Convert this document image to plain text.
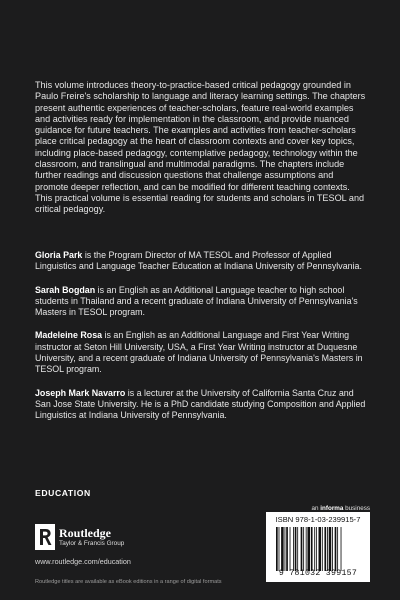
This volume introduces theory-to-practice-based critical pedagogy grounded in Paulo Freire's scholarship to language and literacy learning settings. The chapters present authentic experiences of teacher-scholars, feature real-world examples and activities ready for implementation in the classroom, and provide nuanced guidance for future teachers. The examples and activities from teacher-scholars place critical pedagogy at the heart of classroom contexts and cover key topics, including place-based pedagogy, contemplative pedagogy, technology within the classroom, and translingual and multimodal paradigms. The chapters include further readings and discussion questions that challenge assumptions and promote deeper reflection, and can be modified for different teaching contexts. This practical volume is essential reading for students and scholars in TESOL and critical pedagogy.

Gloria Park is the Program Director of MA TESOL and Professor of Applied Linguistics and Language Teacher Education at Indiana University of Pennsylvania.

Sarah Bogdan is an English as an Additional Language teacher to high school students in Thailand and a recent graduate of Indiana University of Pennsylvania's Masters in TESOL program.

Madeleine Rosa is an English as an Additional Language and First Year Writing instructor at Seton Hill University, USA, a First Year Writing instructor at Duquesne University, and a recent graduate of Indiana University of Pennsylvania's Masters in TESOL program.

Joseph Mark Navarro is a lecturer at the University of California Santa Cruz and San Jose State University. He is a PhD candidate studying Composition and Applied Linguistics at Indiana University of Pennsylvania.

EDUCATION
Routledge
Taylor & Francis Group
www.routledge.com/education
Routledge titles are available as eBook editions in a range of digital formats
an informa business
ISBN 978-1-03-239915-7
9 781032 399157
